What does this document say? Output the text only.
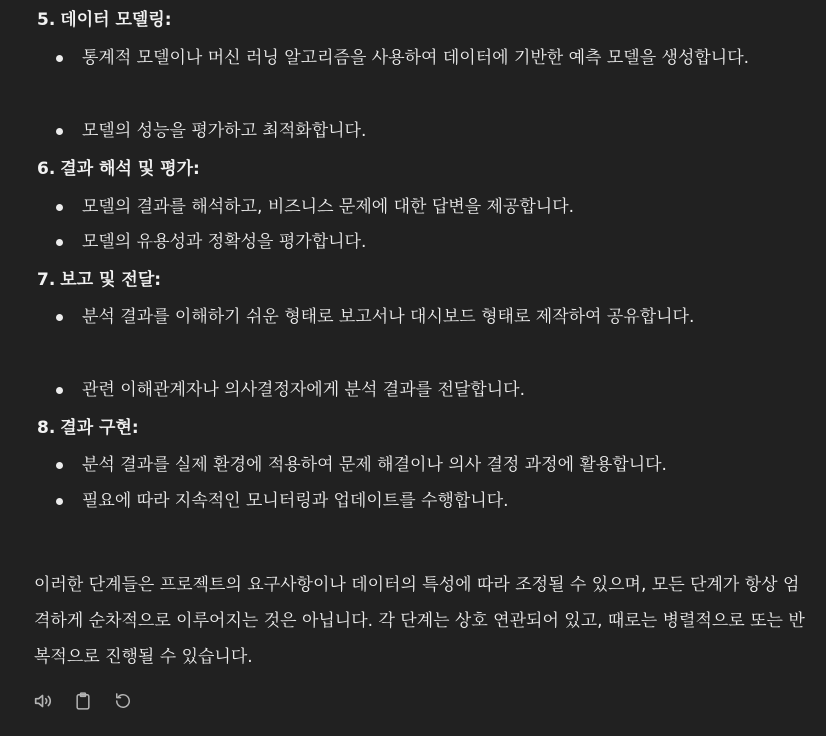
5. 데이터 모델링:
통계적 모델이나 머신 러닝 알고리즘을 사용하여 데이터에 기반한 예측 모델을 생성합니다.
모델의 성능을 평가하고 최적화합니다.
6. 결과 해석 및 평가:
모델의 결과를 해석하고, 비즈니스 문제에 대한 답변을 제공합니다.
모델의 유용성과 정확성을 평가합니다.
7. 보고 및 전달:
분석 결과를 이해하기 쉬운 형태로 보고서나 대시보드 형태로 제작하여 공유합니다.
관련 이해관계자나 의사결정자에게 분석 결과를 전달합니다.
8. 결과 구현:
분석 결과를 실제 환경에 적용하여 문제 해결이나 의사 결정 과정에 활용합니다.
필요에 따라 지속적인 모니터링과 업데이트를 수행합니다.
이러한 단계들은 프로젝트의 요구사항이나 데이터의 특성에 따라 조정될 수 있으며, 모든 단계가 항상 엄격하게 순차적으로 이루어지는 것은 아닙니다. 각 단계는 상호 연관되어 있고, 때로는 병렬적으로 또는 반복적으로 진행될 수 있습니다.
